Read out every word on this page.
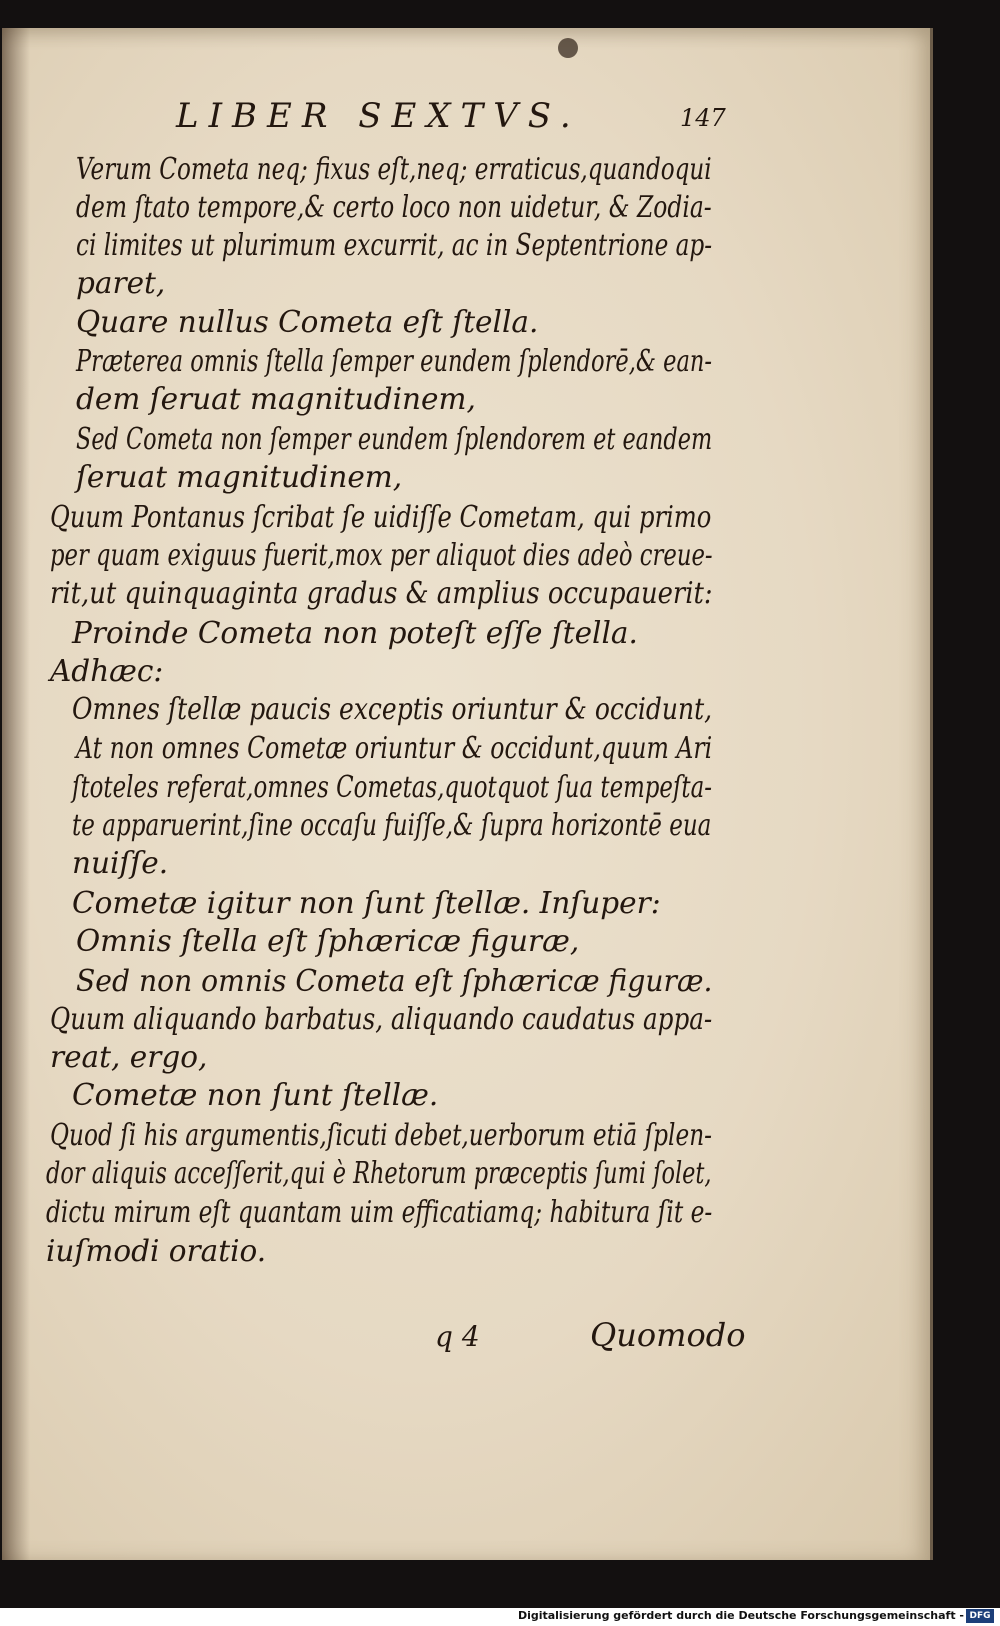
LIBER SEXTVS.	147
Verum Cometa neq; fixus eſt,neq; erraticus,quandoqui
dem ſtato tempore,& certo loco non uidetur, & Zodia-
ci limites ut plurimum excurrit, ac in Septentrione ap-
paret,
Quare nullus Cometa eſt ſtella.
Præterea omnis ſtella ſemper eundem ſplendorē,& ean-
dem ſeruat magnitudinem,
Sed Cometa non ſemper eundem ſplendorem et eandem
ſeruat magnitudinem,
Quum Pontanus ſcribat ſe uidiſſe Cometam, qui primo
per quam exiguus fuerit,mox per aliquot dies adeò creue-
rit,ut quinquaginta gradus & amplius occupauerit:
Proinde Cometa non poteſt eſſe ſtella.
Adhæc:
Omnes ſtellæ paucis exceptis oriuntur & occidunt,
At non omnes Cometæ oriuntur & occidunt,quum Ari
ſtoteles referat,omnes Cometas,quotquot ſua tempeſta-
te apparuerint,ſine occaſu fuiſſe,& ſupra horizontē eua
nuiſſe.
Cometæ igitur non ſunt ſtellæ. Inſuper:
Omnis ſtella eſt ſphæricæ figuræ,
Sed non omnis Cometa eſt ſphæricæ figuræ.
Quum aliquando barbatus, aliquando caudatus appa-
reat, ergo,
Cometæ non ſunt ſtellæ.
Quod ſi his argumentis,ſicuti debet,uerborum etiā ſplen-
dor aliquis acceſſerit,qui è Rhetorum præceptis ſumi ſolet,
dictu mirum eſt quantam uim efficatiamq; habitura ſit e-
iuſmodi oratio.
q 4	Quomodo
Digitalisierung gefördert durch die Deutsche Forschungsgemeinschaft - DFG
